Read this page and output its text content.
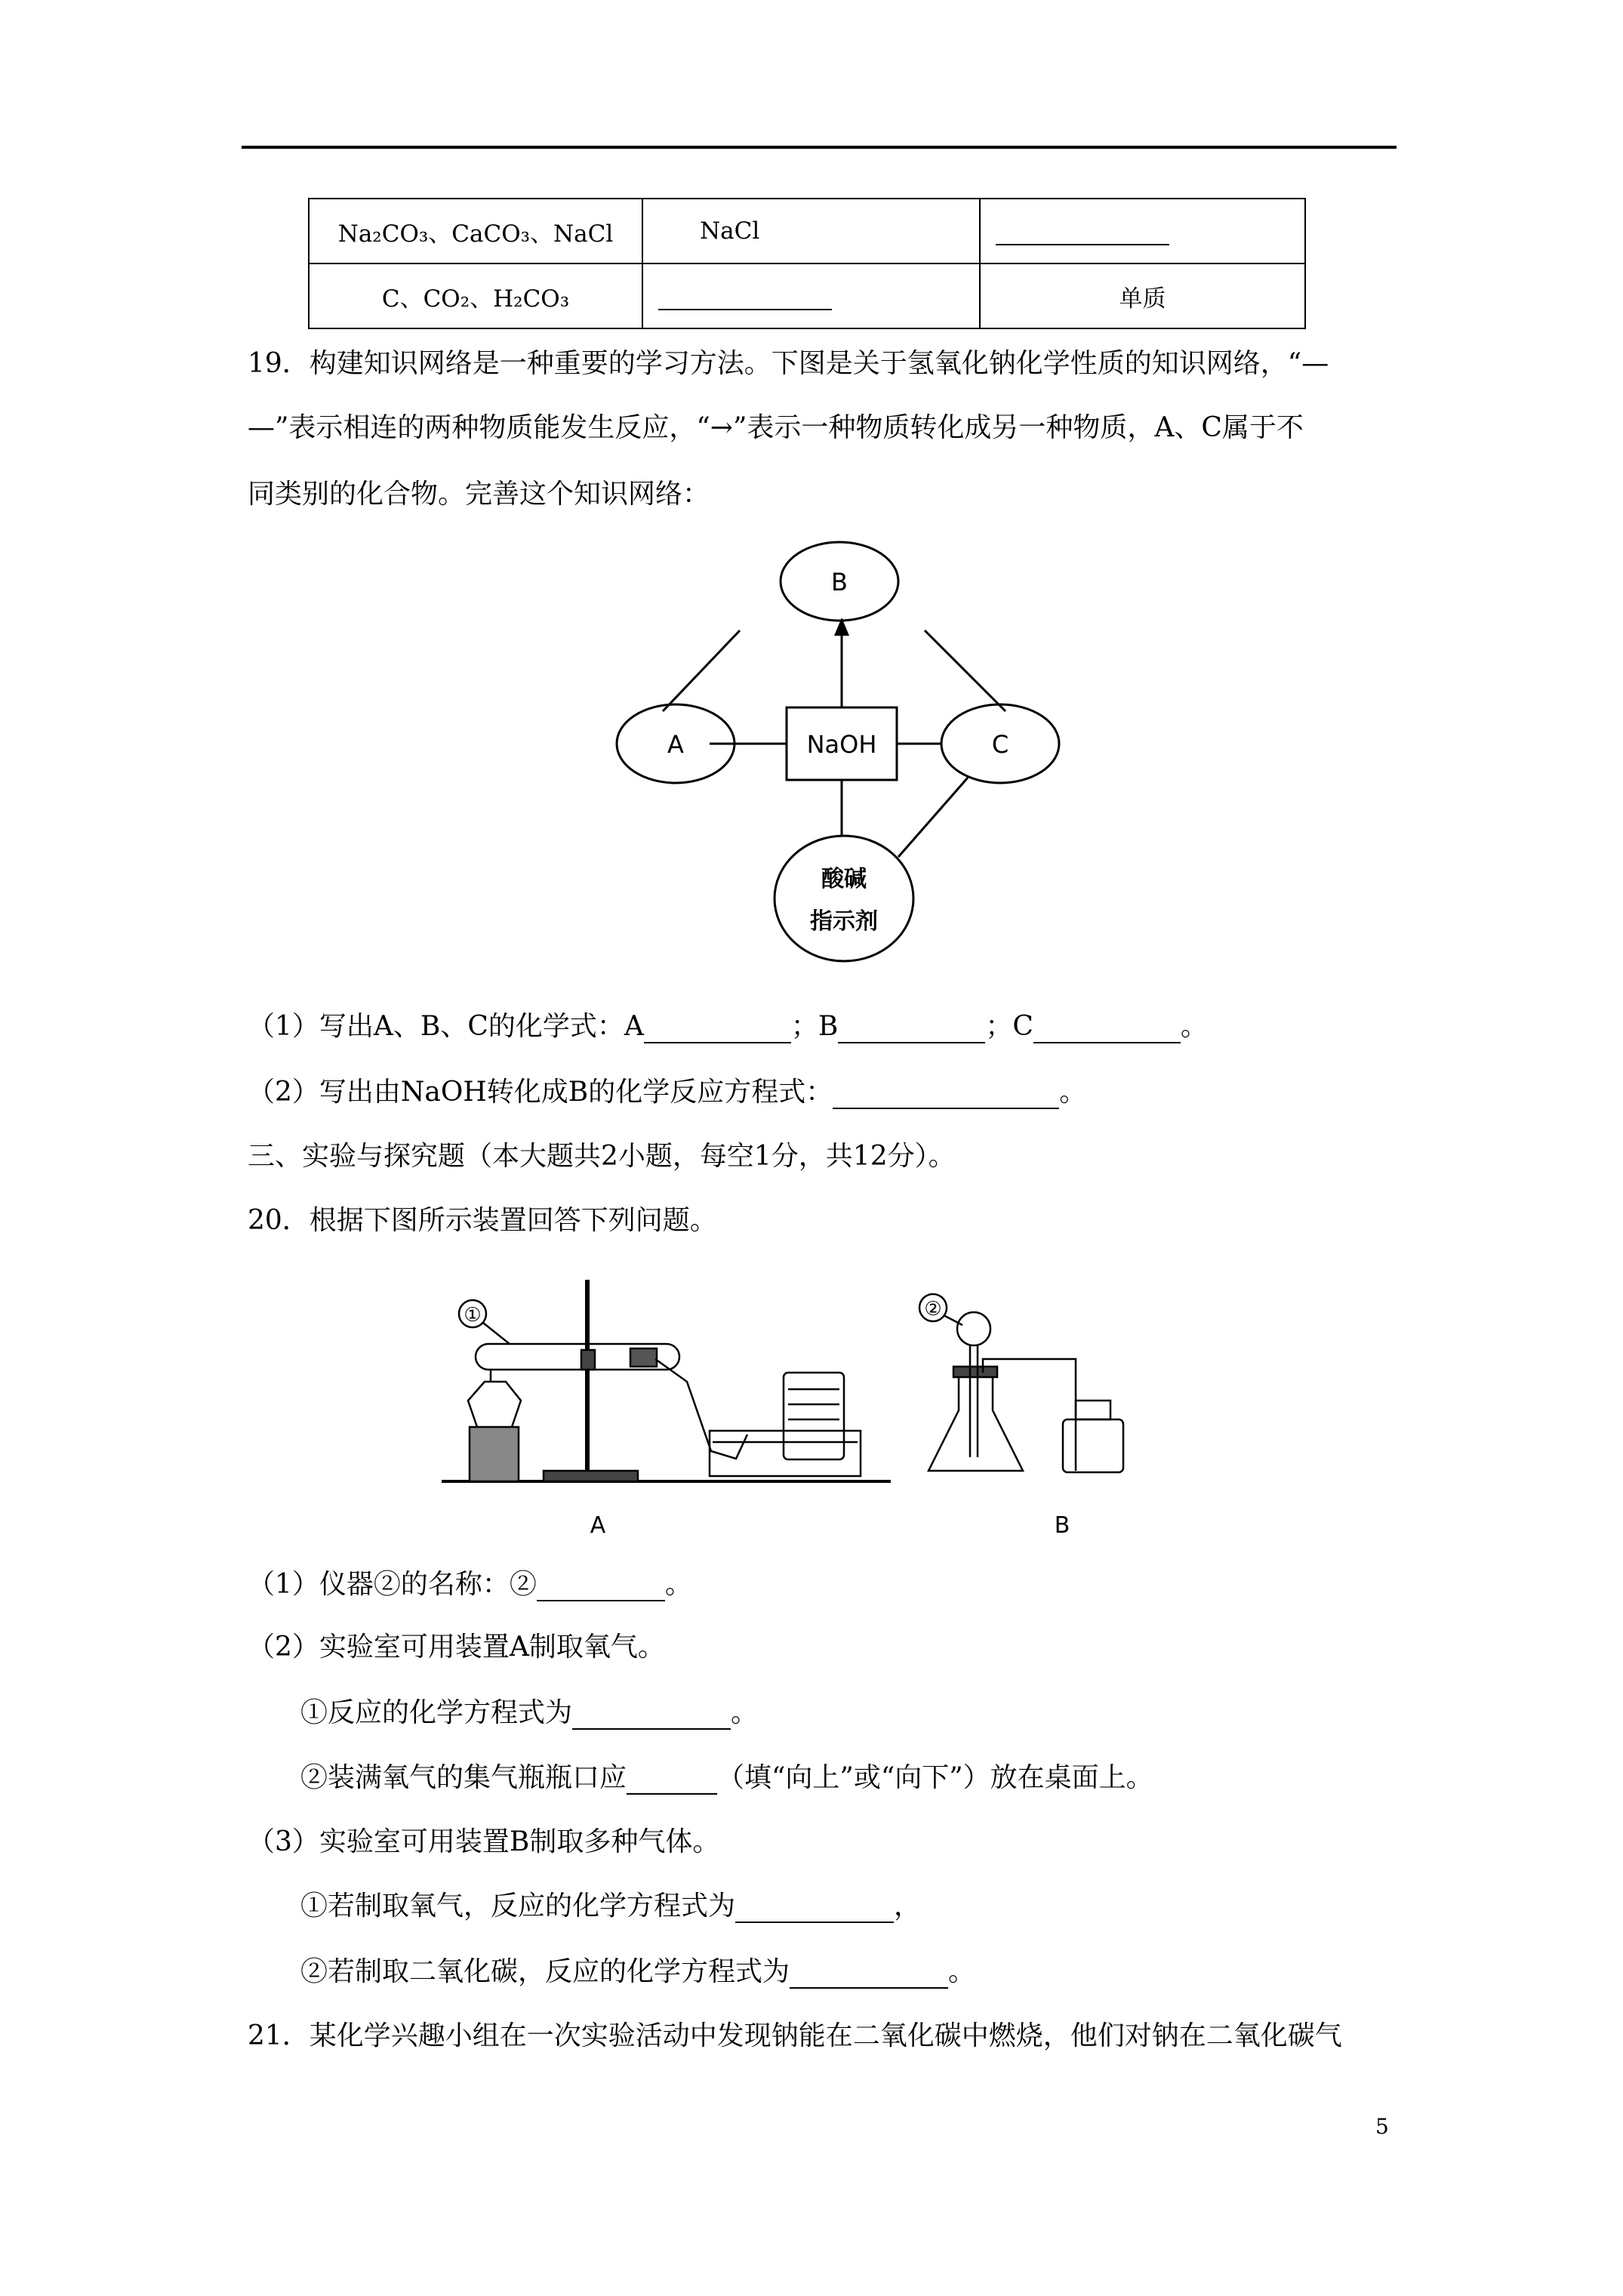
Na₂CO₃、CaCO₃、NaCl	NaCl	
C、CO₂、H₂CO₃		单质
19．构建知识网络是一种重要的学习方法。下图是关于氢氧化钠化学性质的知识网络，“—
—”表示相连的两种物质能发生反应，“→”表示一种物质转化成另一种物质，A、C属于不
同类别的化合物。完善这个知识网络：
B
A	NaOH	C
酸碱
指示剂
（1）写出A、B、C的化学式：A	；B	；C	。
（2）写出由NaOH转化成B的化学反应方程式：	。
三、实验与探究题（本大题共2小题，每空1分，共12分）。
20．根据下图所示装置回答下列问题。
①	②
A	B
（1）仪器②的名称：②	。
（2）实验室可用装置A制取氧气。
①反应的化学方程式为	。
②装满氧气的集气瓶瓶口应	（填“向上”或“向下”）放在桌面上。
（3）实验室可用装置B制取多种气体。
①若制取氧气，反应的化学方程式为	，
②若制取二氧化碳，反应的化学方程式为	。
21．某化学兴趣小组在一次实验活动中发现钠能在二氧化碳中燃烧，他们对钠在二氧化碳气
5
